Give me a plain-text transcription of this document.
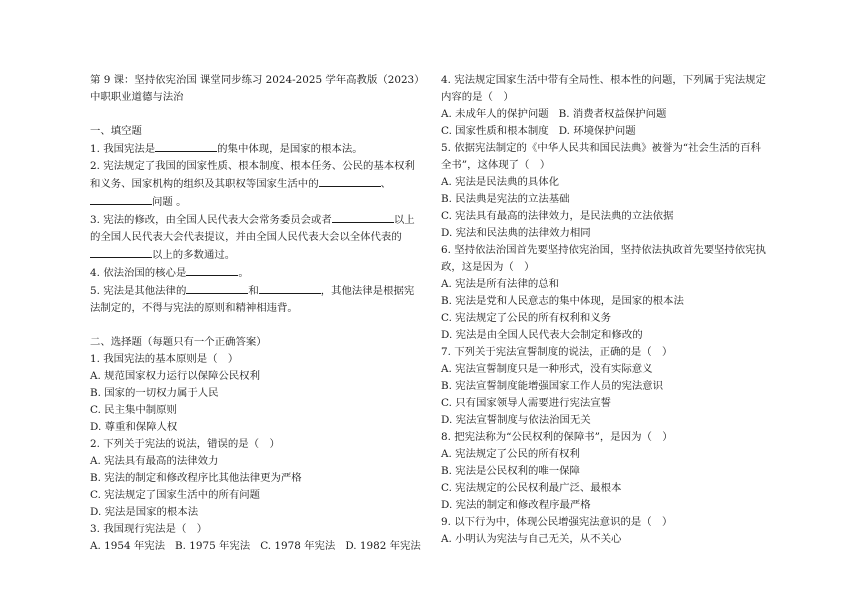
第 9 课：坚持依宪治国 课堂同步练习 2024-2025 学年高教版（2023）
中职职业道德与法治
一、填空题
1. 我国宪法是	的集中体现，是国家的根本法。
2. 宪法规定了我国的国家性质、根本制度、根本任务、公民的基本权利
和义务、国家机构的组织及其职权等国家生活中的	、
问题 。
3. 宪法的修改，由全国人民代表大会常务委员会或者	以上
的全国人民代表大会代表提议，并由全国人民代表大会以全体代表的
以上的多数通过。
4. 依法治国的核心是	。
5. 宪法是其他法律的	和	，其他法律是根据宪
法制定的，不得与宪法的原则和精神相违背。
二、选择题（每题只有一个正确答案）
1. 我国宪法的基本原则是（　）
A. 规范国家权力运行以保障公民权利
B. 国家的一切权力属于人民
C. 民主集中制原则
D. 尊重和保障人权
2. 下列关于宪法的说法，错误的是（　）
A. 宪法具有最高的法律效力
B. 宪法的制定和修改程序比其他法律更为严格
C. 宪法规定了国家生活中的所有问题
D. 宪法是国家的根本法
3. 我国现行宪法是（　）
A. 1954 年宪法 B. 1975 年宪法 C. 1978 年宪法 D. 1982 年宪法
4. 宪法规定国家生活中带有全局性、根本性的问题，下列属于宪法规定
内容的是（　）
A. 未成年人的保护问题 B. 消费者权益保护问题
C. 国家性质和根本制度 D. 环境保护问题
5. 依据宪法制定的《中华人民共和国民法典》被誉为“社会生活的百科
全书”，这体现了（　）
A. 宪法是民法典的具体化
B. 民法典是宪法的立法基础
C. 宪法具有最高的法律效力，是民法典的立法依据
D. 宪法和民法典的法律效力相同
6. 坚持依法治国首先要坚持依宪治国，坚持依法执政首先要坚持依宪执
政，这是因为（　）
A. 宪法是所有法律的总和
B. 宪法是党和人民意志的集中体现，是国家的根本法
C. 宪法规定了公民的所有权利和义务
D. 宪法是由全国人民代表大会制定和修改的
7. 下列关于宪法宣誓制度的说法，正确的是（　）
A. 宪法宣誓制度只是一种形式，没有实际意义
B. 宪法宣誓制度能增强国家工作人员的宪法意识
C. 只有国家领导人需要进行宪法宣誓
D. 宪法宣誓制度与依法治国无关
8. 把宪法称为“公民权利的保障书”，是因为（　）
A. 宪法规定了公民的所有权利
B. 宪法是公民权利的唯一保障
C. 宪法规定的公民权利最广泛、最根本
D. 宪法的制定和修改程序最严格
9. 以下行为中，体现公民增强宪法意识的是（　）
A. 小明认为宪法与自己无关，从不关心
